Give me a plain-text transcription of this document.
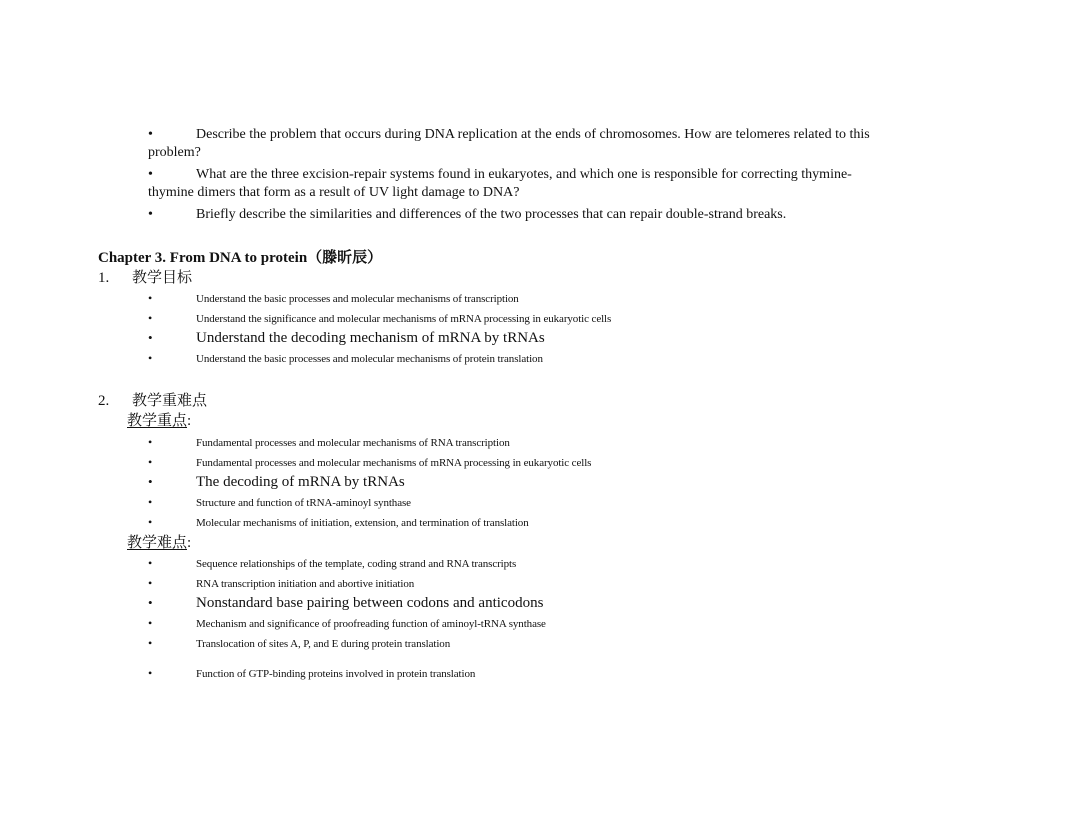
•	Describe the problem that occurs during DNA replication at the ends of chromosomes. How are telomeres related to this
problem?
•	What are the three excision-repair systems found in eukaryotes, and which one is responsible for correcting thymine-
thymine dimers that form as a result of UV light damage to DNA?
•	Briefly describe the similarities and differences of the two processes that can repair double-strand breaks.
Chapter 3. From DNA to protein（滕昕辰）
1. 教学目标
•	Understand the basic processes and molecular mechanisms of transcription
•	Understand the significance and molecular mechanisms of mRNA processing in eukaryotic cells
•	Understand the decoding mechanism of mRNA by tRNAs
•	Understand the basic processes and molecular mechanisms of protein translation
2. 教学重难点
教学重点:
•	Fundamental processes and molecular mechanisms of RNA transcription
•	Fundamental processes and molecular mechanisms of mRNA processing in eukaryotic cells
•	The decoding of mRNA by tRNAs
•	Structure and function of tRNA-aminoyl synthase
•	Molecular mechanisms of initiation, extension, and termination of translation
教学难点:
•	Sequence relationships of the template, coding strand and RNA transcripts
•	RNA transcription initiation and abortive initiation
•	Nonstandard base pairing between codons and anticodons
•	Mechanism and significance of proofreading function of aminoyl-tRNA synthase
•	Translocation of sites A, P, and E during protein translation
•	Function of GTP-binding proteins involved in protein translation
